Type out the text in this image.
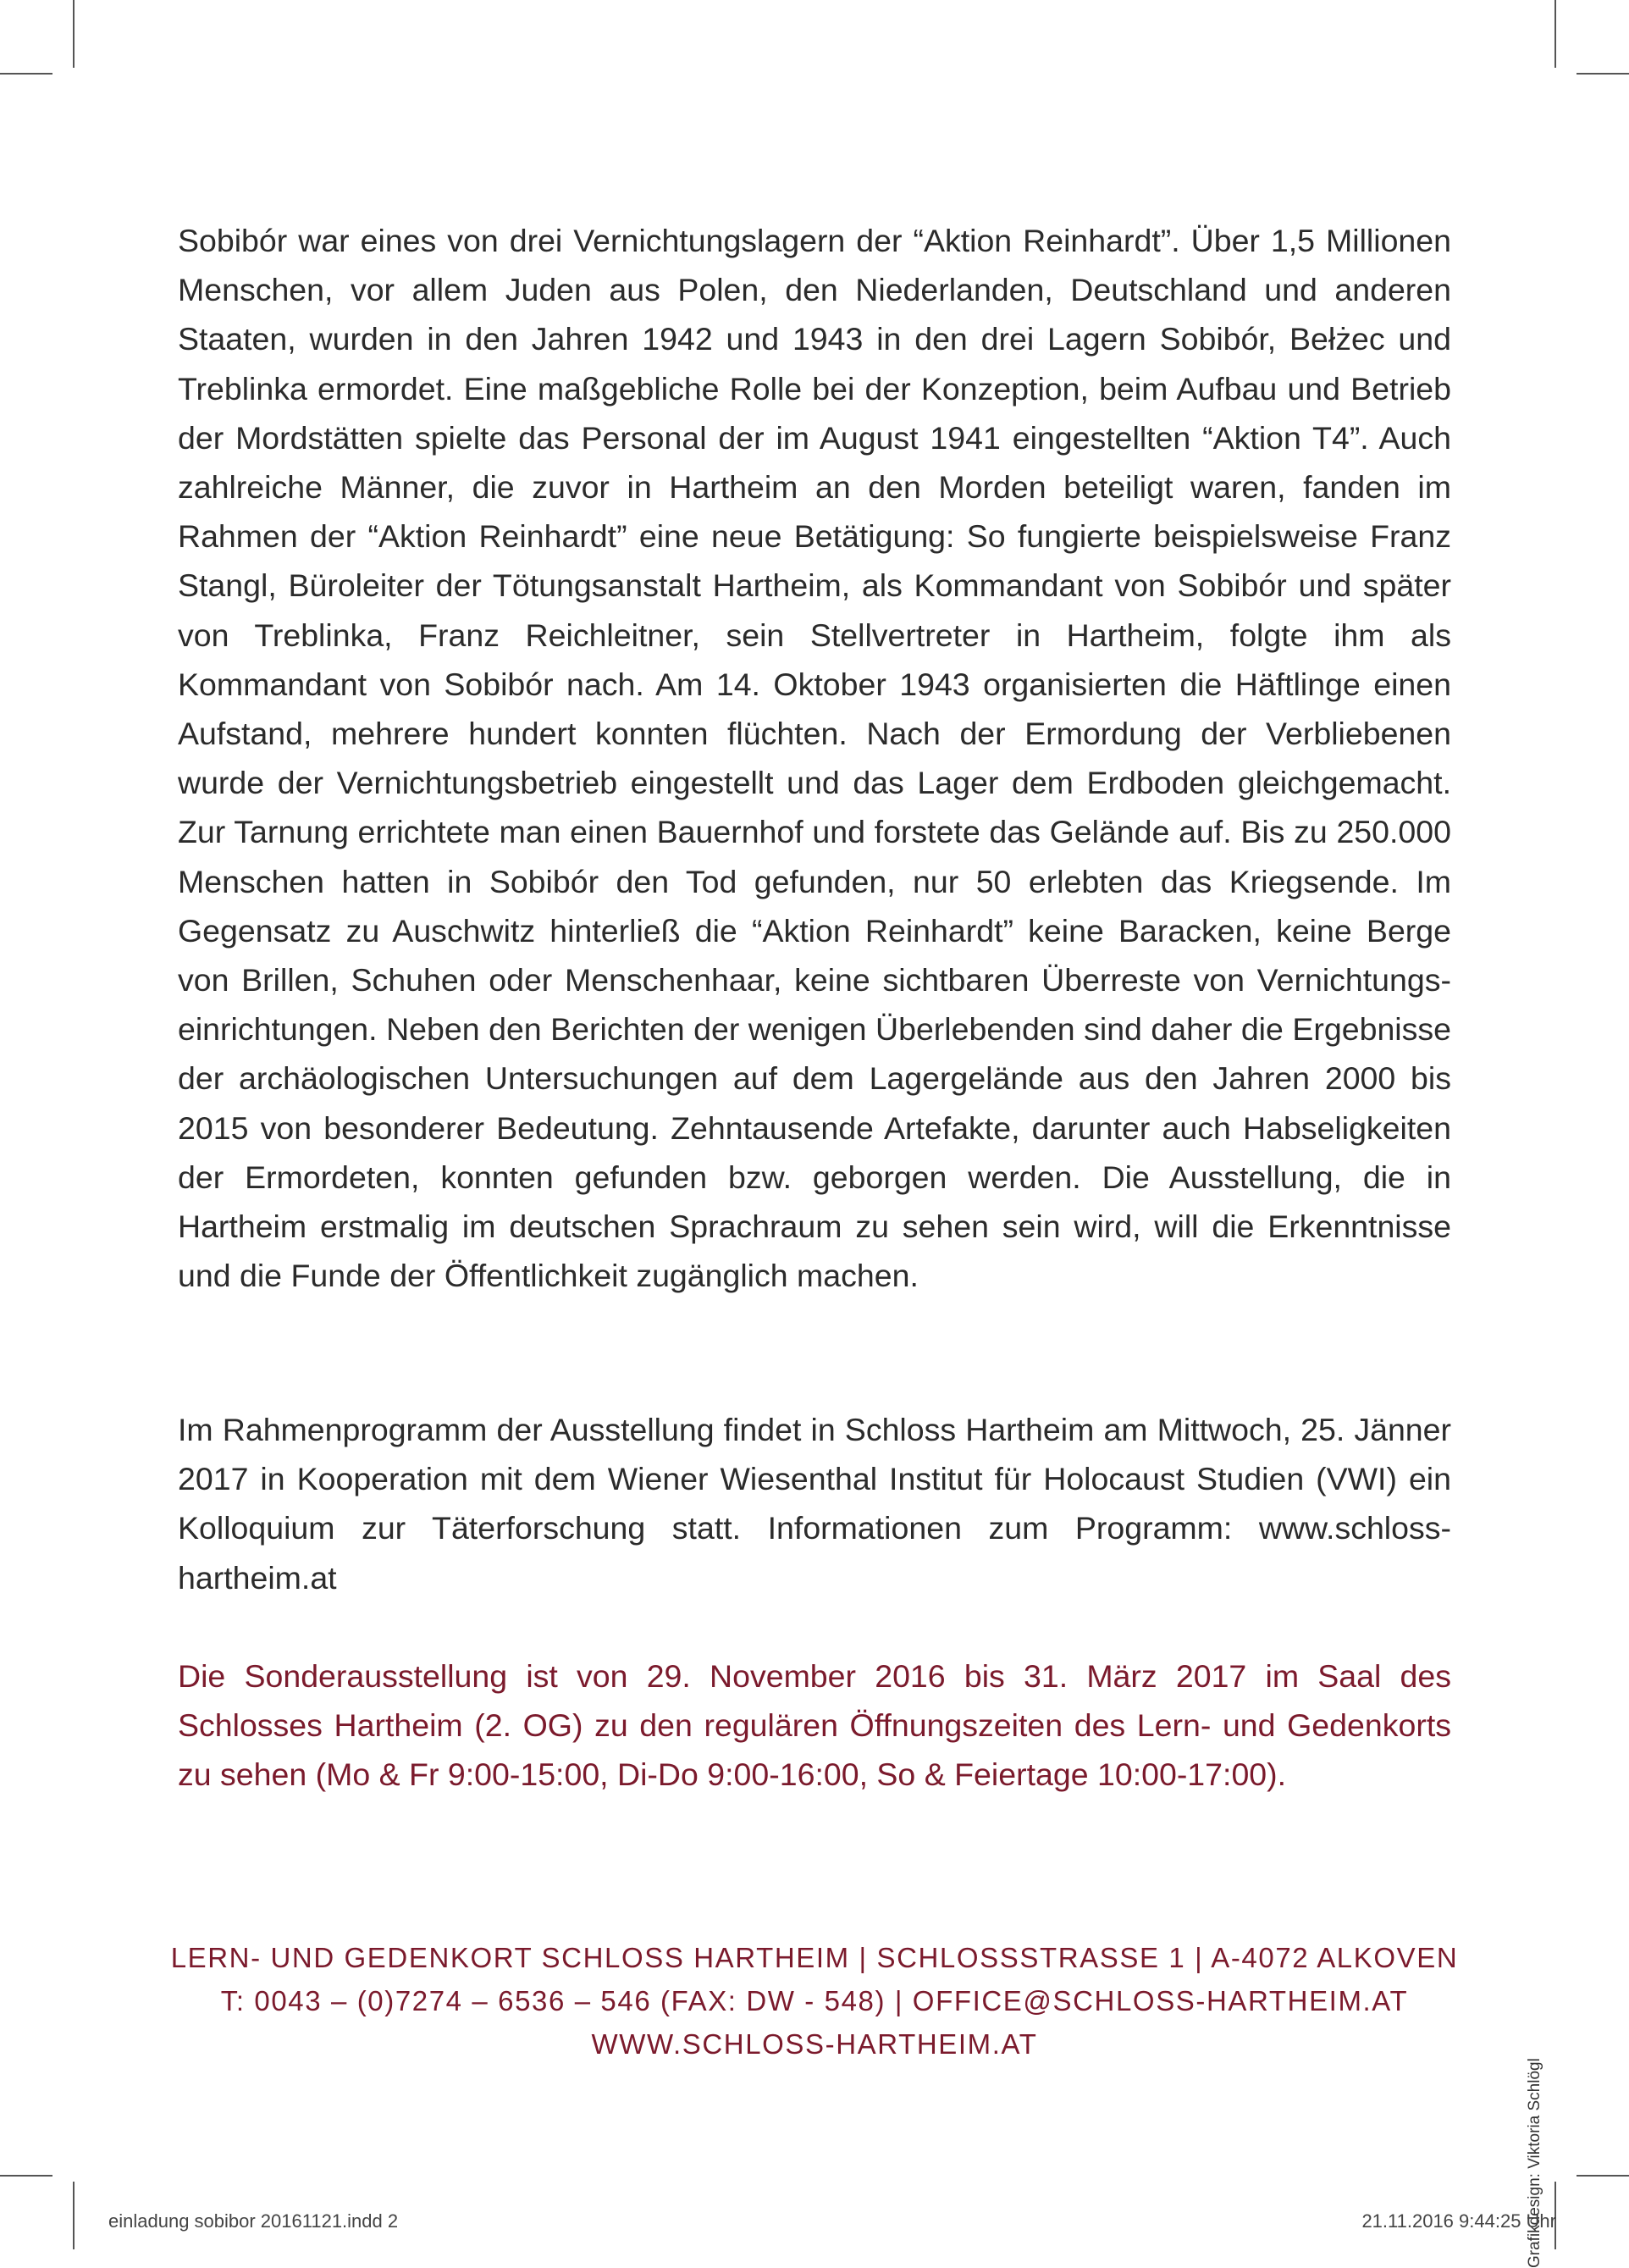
Sobibór war eines von drei Vernichtungslagern der “Aktion Reinhardt”. Über 1,5 Millionen Menschen, vor allem Juden aus Polen, den Niederlanden, Deutschland und anderen Staaten, wurden in den Jahren 1942 und 1943 in den drei Lagern Sobibór, Bełżec und Treblinka ermordet. Eine maßgebliche Rolle bei der Konzeption, beim Aufbau und Betrieb der Mordstätten spielte das Personal der im August 1941 eingestellten “Aktion T4”. Auch zahlreiche Männer, die zuvor in Hartheim an den Morden beteiligt waren, fanden im Rahmen der “Aktion Reinhardt” eine neue Betätigung: So fungierte beispielsweise Franz Stangl, Büroleiter der Tötungsanstalt Hartheim, als Kommandant von Sobibór und später von Treblinka, Franz Reichleitner, sein Stellvertreter in Hartheim, folgte ihm als Kommandant von Sobibór nach. Am 14. Oktober 1943 organisierten die Häftlinge einen Aufstand, mehrere hundert konnten flüchten. Nach der Ermordung der Verbliebenen wurde der Vernichtungsbetrieb eingestellt und das Lager dem Erdboden gleichgemacht. Zur Tarnung errichtete man einen Bauernhof und forstete das Gelände auf. Bis zu 250.000 Menschen hatten in Sobibór den Tod gefunden, nur 50 erlebten das Kriegsende. Im Gegensatz zu Auschwitz hinterließ die “Aktion Reinhardt” keine Baracken, keine Berge von Brillen, Schuhen oder Menschenhaar, keine sichtbaren Überreste von Vernichtungseinrichtungen. Neben den Berichten der wenigen Überlebenden sind daher die Ergebnisse der archäologischen Untersuchungen auf dem Lagergelände aus den Jahren 2000 bis 2015 von besonderer Bedeutung. Zehntausende Artefakte, darunter auch Habseligkeiten der Ermordeten, konnten gefunden bzw. geborgen werden. Die Ausstellung, die in Hartheim erstmalig im deutschen Sprachraum zu sehen sein wird, will die Erkenntnisse und die Funde der Öffentlichkeit zugänglich machen.

Im Rahmenprogramm der Ausstellung findet in Schloss Hartheim am Mittwoch, 25. Jänner 2017 in Kooperation mit dem Wiener Wiesenthal Institut für Holocaust Studien (VWI) ein Kolloquium zur Täterforschung statt. Informationen zum Programm: www.schloss-hartheim.at

Die Sonderausstellung ist von 29. November 2016 bis 31. März 2017 im Saal des Schlosses Hartheim (2. OG) zu den regulären Öffnungszeiten des Lern- und Gedenkorts zu sehen (Mo & Fr 9:00-15:00, Di-Do 9:00-16:00, So & Feiertage 10:00-17:00).

LERN- UND GEDENKORT SCHLOSS HARTHEIM | SCHLOSSSTRASSE 1 | A-4072 ALKOVEN
T: 0043 – (0)7274 – 6536 – 546 (FAX: DW - 548) | OFFICE@SCHLOSS-HARTHEIM.AT
WWW.SCHLOSS-HARTHEIM.AT
Grafikdesign: Viktoria Schlögl
einladung sobibor 20161121.indd 2	21.11.2016 9:44:25 Uhr
